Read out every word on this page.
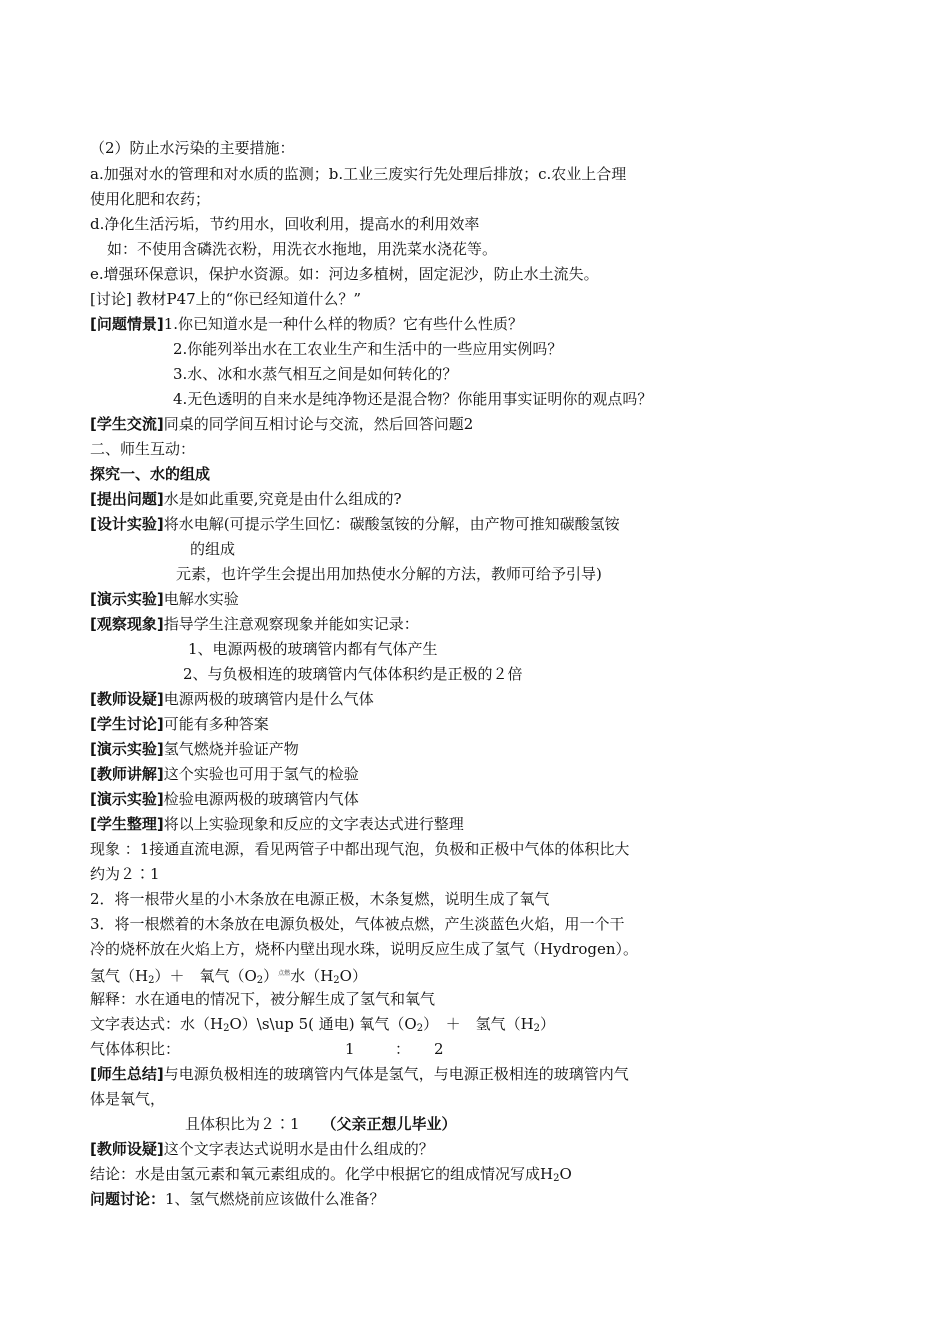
（2）防止水污染的主要措施：
a.加强对水的管理和对水质的监测；b.工业三废实行先处理后排放；c.农业上合理
使用化肥和农药；
d.净化生活污垢，节约用水，回收利用，提高水的利用效率
如：不使用含磷洗衣粉，用洗衣水拖地，用洗菜水浇花等。
e.增强环保意识，保护水资源。如：河边多植树，固定泥沙，防止水土流失。
[讨论] 教材P47上的“你已经知道什么？”
[问题情景]1.你已知道水是一种什么样的物质？它有些什么性质？
2.你能列举出水在工农业生产和生活中的一些应用实例吗？
3.水、冰和水蒸气相互之间是如何转化的？
4.无色透明的自来水是纯净物还是混合物？你能用事实证明你的观点吗？
[学生交流]同桌的同学间互相讨论与交流，然后回答问题2
二、师生互动：
探究一、水的组成
[提出问题]水是如此重要,究竟是由什么组成的?
[设计实验]将水电解(可提示学生回忆：碳酸氢铵的分解，由产物可推知碳酸氢铵
的组成
元素，也许学生会提出用加热使水分解的方法，教师可给予引导)
[演示实验]电解水实验
[观察现象]指导学生注意观察现象并能如实记录：
1、电源两极的玻璃管内都有气体产生
2、与负极相连的玻璃管内气体体积约是正极的２倍
[教师设疑]电源两极的玻璃管内是什么气体
[学生讨论]可能有多种答案
[演示实验]氢气燃烧并验证产物
[教师讲解]这个实验也可用于氢气的检验
[演示实验]检验电源两极的玻璃管内气体
[学生整理]将以上实验现象和反应的文字表达式进行整理
现象 ：1接通直流电源，看见两管子中都出现气泡，负极和正极中气体的体积比大
约为２∶1
2．将一根带火星的小木条放在电源正极，木条复燃，说明生成了氧气
3．将一根燃着的木条放在电源负极处，气体被点燃，产生淡蓝色火焰，用一个干
冷的烧杯放在火焰上方，烧杯内壁出现水珠，说明反应生成了氢气（Hydrogen）。
氢气$(H_2)+$　氧气$(O_2)^{点燃}$水$(H_2O)$
解释：水在通电的情况下，被分解生成了氢气和氧气
文字表达式：水$(H_2O)\backslash s\backslash up$ 5( 通电) 氧气$(O_2)$　＋　氢气$(H_2)$
气体体积比：	1	： 2
[师生总结]与电源负极相连的玻璃管内气体是氢气，与电源正极相连的玻璃管内气
体是氧气，
且体积比为２∶1 （父亲正想儿毕业）
[教师设疑]这个文字表达式说明水是由什么组成的？
结论：水是由氢元素和氧元素组成的。化学中根据它的组成情况写成$H_2O$
问题讨论：1、氢气燃烧前应该做什么准备？
